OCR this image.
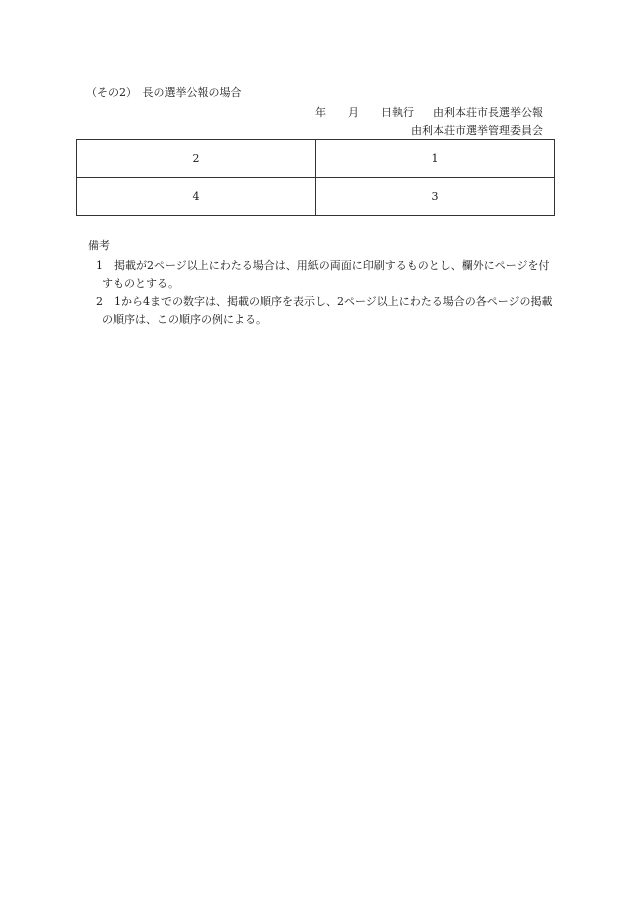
（その2）　長の選挙公報の場合
年 月 日執行　 由利本荘市長選挙公報
由利本荘市選挙管理委員会
2	1
4	3
備考
1	掲載が2ページ以上にわたる場合は、用紙の両面に印刷するものとし、欄外にページを付すものとする。
2	1から4までの数字は、掲載の順序を表示し、2ページ以上にわたる場合の各ページの掲載の順序は、この順序の例による。
